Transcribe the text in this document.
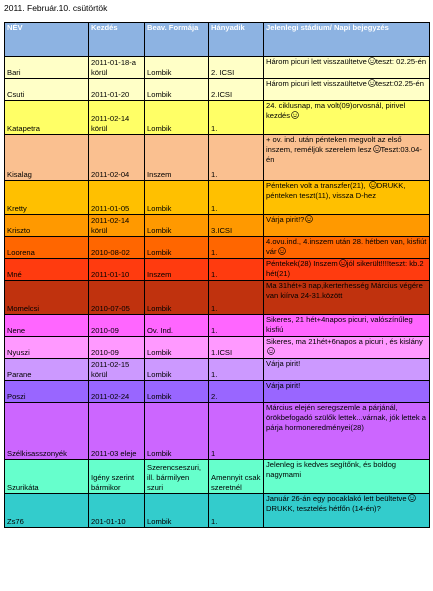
2011. Február.10. csütörtök
NÉV	Kezdés	Beav. Formája	Hányadik	Jelenlegi stádium/ Napi bejegyzés
Bari	2011-01-18-a körül	Lombik	2. ICSI	Három picuri lett visszaültetve teszt: 02.25-én
Csuti	2011-01-20	Lombik	2.ICSI	Három picuri lett visszaültetve teszt:02.25-én
Katapetra	2011-02-14 körül	Lombik	1.	24. ciklusnap, ma volt(09)orvosnál, pirivel kezdés

Kisalag	2011-02-04	Inszem	1.	+ ov. ind. után pénteken megvolt az első inszem, reméljük szerelem lesz Teszt:03.04-én
Kretty	2011-01-05	Lombik	1.	Pénteken volt a transzfer(21),
DRUKK, pénteken teszt(11), vissza D-hez
Kriszto	2011-02-14 körül	Lombik	3.ICSI	Várja pirit!?

Loorena	2010-08-02	Lombik	1.	4.ovu.ind., 4.inszem után 28. hétben van, kisfiút vár

Mné	2011-01-10	Inszem	1.	Péntekek(28) Inszem jól sikerült!!!!teszt: kb.2 hét(21)
Momelcsi	2010-07-05	Lombik	1.	Ma 31hét+3 nap,ikerterhesség Március végére van kiírva 24-31.között
Nene	2010-09	Ov. Ind.	1.	Sikeres, 21 hét+4napos picuri, valószínűleg kisfiú
Nyuszi	2010-09	Lombik	1.ICSI	Sikeres, ma 21hét+6napos a picuri , és kislány

Parane	2011-02-15 körül	Lombik	1.	Várja pirit!
Poszi	2011-02-24	Lombik	2.	Várja pirit!
Szélkisasszonyék	2011-03 eleje	Lombik	1	Március elején seregszemle a párjánál, örökbefogadó szülők lettek...várnak, jók lettek a párja hormoneredményei(28)
Szurikáta	Igény szerint bármikor	Szerencseszuri, ill. bármilyen szuri	Amennyit csak szeretnél	Jelenleg is kedves segítőnk, és boldog nagymami
Zs76	201-01-10	Lombik	1.	Január 26-án egy pocaklakó lett beültetve
DRUKK, tesztelés hétfőn (14-én)?
